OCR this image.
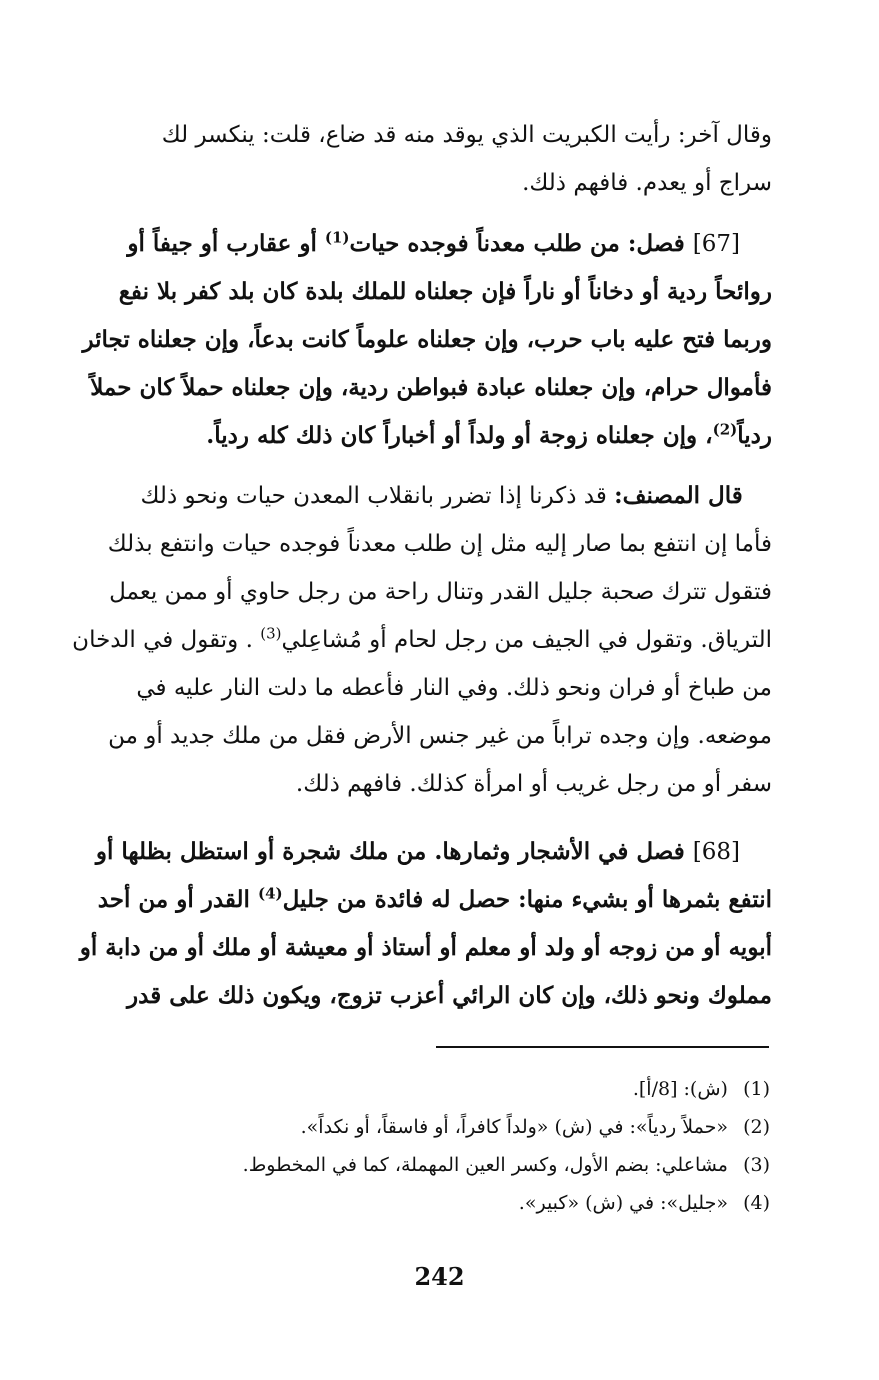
وقال آخر: رأيت الكبريت الذي يوقد منه قد ضاع، قلت: ينكسر لك
سراج أو يعدم. فافهم ذلك.
[67] فصل: من طلب معدناً فوجده حيات$^{(1)}$ أو عقارب أو جيفاً أو
روائحاً ردية أو دخاناً أو ناراً فإن جعلناه للملك بلدة كان بلد كفر بلا نفع
وربما فتح عليه باب حرب، وإن جعلناه علوماً كانت بدعاً، وإن جعلناه تجائر
فأموال حرام، وإن جعلناه عبادة فبواطن ردية، وإن جعلناه حملاً كان حملاً
ردياً$^{(2)}$، وإن جعلناه زوجة أو ولداً أو أخباراً كان ذلك كله ردياً.
قال المصنف: قد ذكرنا إذا تضرر بانقلاب المعدن حيات ونحو ذلك
فأما إن انتفع بما صار إليه مثل إن طلب معدناً فوجده حيات وانتفع بذلك
فتقول تترك صحبة جليل القدر وتنال راحة من رجل حاوي أو ممن يعمل
الترياق. وتقول في الجيف من رجل لحام أو مُشاعِلي$^{(3)}$ . وتقول في الدخان
من طباخ أو فران ونحو ذلك. وفي النار فأعطه ما دلت النار عليه في
موضعه. وإن وجده تراباً من غير جنس الأرض فقل من ملك جديد أو من
سفر أو من رجل غريب أو امرأة كذلك. فافهم ذلك.
[68] فصل في الأشجار وثمارها. من ملك شجرة أو استظل بظلها أو
انتفع بثمرها أو بشيء منها: حصل له فائدة من جليل$^{(4)}$ القدر أو من أحد
أبويه أو من زوجه أو ولد أو معلم أو أستاذ أو معيشة أو ملك أو من دابة أو
مملوك ونحو ذلك، وإن كان الرائي أعزب تزوج، ويكون ذلك على قدر
(1) (ش): [8/أ].
(2) «حملاً ردياً»: في (ش) «ولداً كافراً، أو فاسقاً، أو نكداً».
(3) مشاعلي: بضم الأول، وكسر العين المهملة، كما في المخطوط.
(4) «جليل»: في (ش) «كبير».
242
